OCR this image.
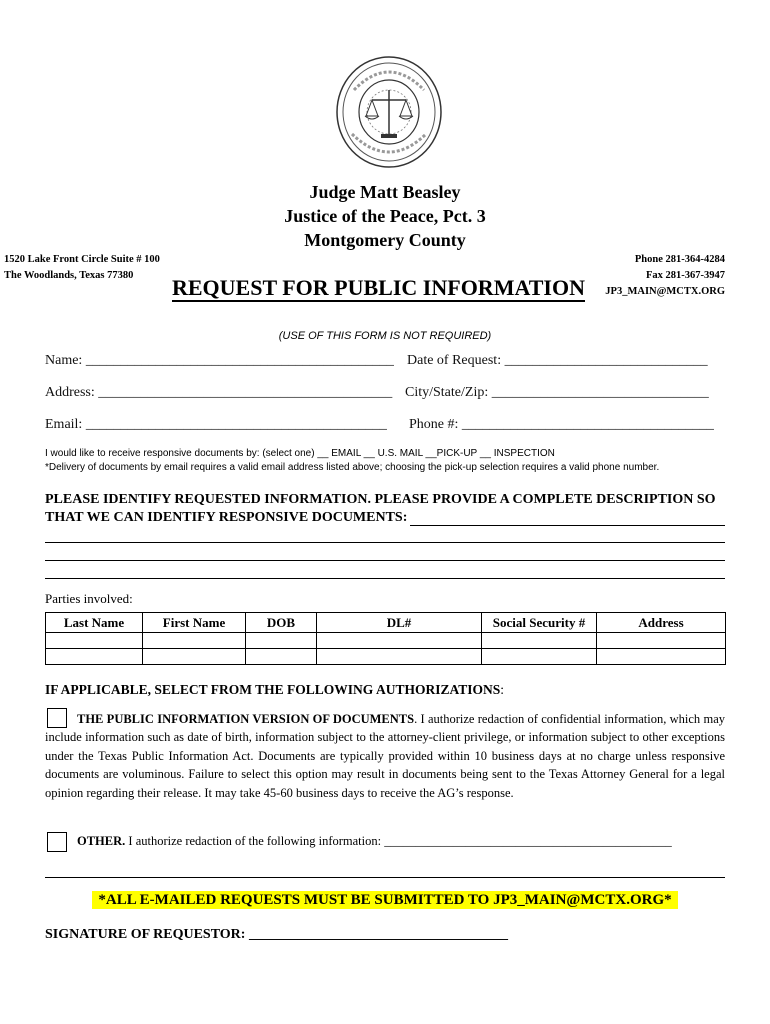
Judge Matt Beasley
Justice of the Peace, Pct. 3
Montgomery County
1520 Lake Front Circle Suite # 100
The Woodlands, Texas 77380
Phone 281-364-4284
Fax 281-367-3947
JP3_MAIN@MCTX.ORG
REQUEST FOR PUBLIC INFORMATION
(USE OF THIS FORM IS NOT REQUIRED)
Name: ____________________________________________ Date of Request: _____________________________
Address: __________________________________________ City/State/Zip: _______________________________
Email: ___________________________________________ Phone #: ____________________________________
I would like to receive responsive documents by: (select one) __ EMAIL __ U.S. MAIL __PICK-UP __ INSPECTION
*Delivery of documents by email requires a valid email address listed above; choosing the pick-up selection requires a valid phone number.
PLEASE IDENTIFY REQUESTED INFORMATION. PLEASE PROVIDE A COMPLETE DESCRIPTION SO
THAT WE CAN IDENTIFY RESPONSIVE DOCUMENTS:
Parties involved:
Last Name	First Name	DOB	DL#	Social Security #	Address

IF APPLICABLE, SELECT FROM THE FOLLOWING AUTHORIZATIONS:
THE PUBLIC INFORMATION VERSION OF DOCUMENTS. I authorize redaction of confidential information, which may include information such as date of birth, information subject to the attorney-client privilege, or information subject to other exceptions under the Texas Public Information Act. Documents are typically provided within 10 business days at no charge unless responsive documents are voluminous. Failure to select this option may result in documents being sent to the Texas Attorney General for a legal opinion regarding their release. It may take 45-60 business days to receive the AG’s response.
OTHER. I authorize redaction of the following information: ______________________________________________
*ALL E-MAILED REQUESTS MUST BE SUBMITTED TO JP3_MAIN@MCTX.ORG*
SIGNATURE OF REQUESTOR: _____________________________________
